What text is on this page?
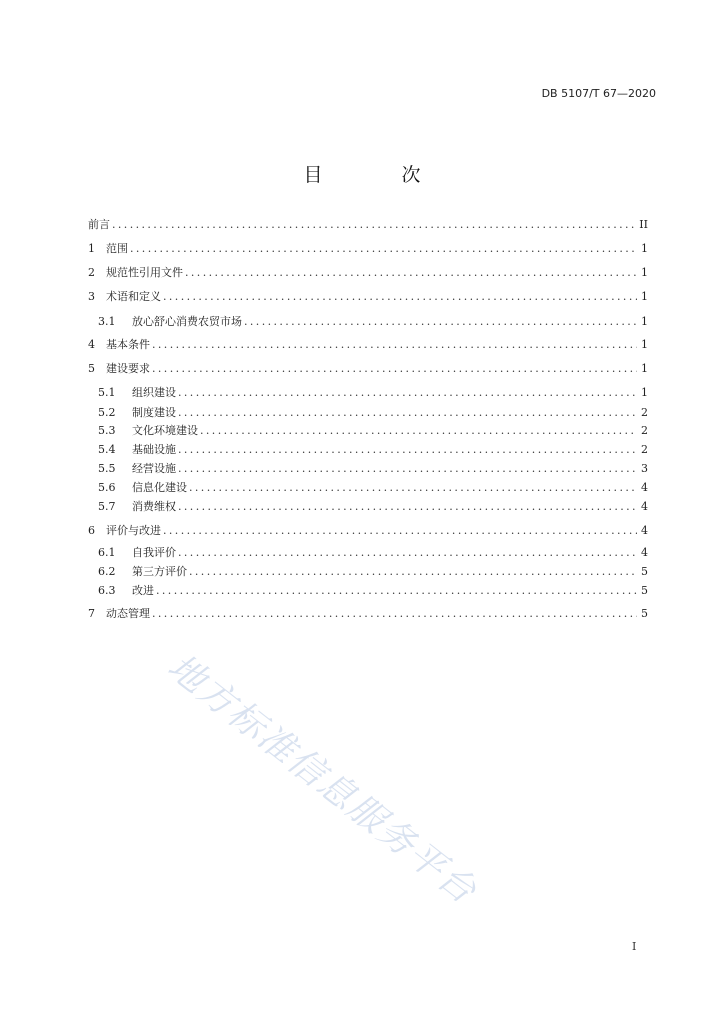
DB 5107/T 67—2020
目　次
前言 .....	II
1	范围 .....	1
2	规范性引用文件 .....	1
3	术语和定义 .....	1
3.1	放心舒心消费农贸市场 .....	1
4	基本条件 .....	1
5	建设要求 .....	1
5.1	组织建设 .....	1
5.2	制度建设 .....	2
5.3	文化环境建设 .....	2
5.4	基础设施 .....	2
5.5	经营设施 .....	3
5.6	信息化建设 .....	4
5.7	消费维权 .....	4
6	评价与改进 .....	4
6.1	自我评价 .....	4
6.2	第三方评价 .....	5
6.3	改进 .....	5
7	动态管理 .....	5
地方标准信息服务平台
I
